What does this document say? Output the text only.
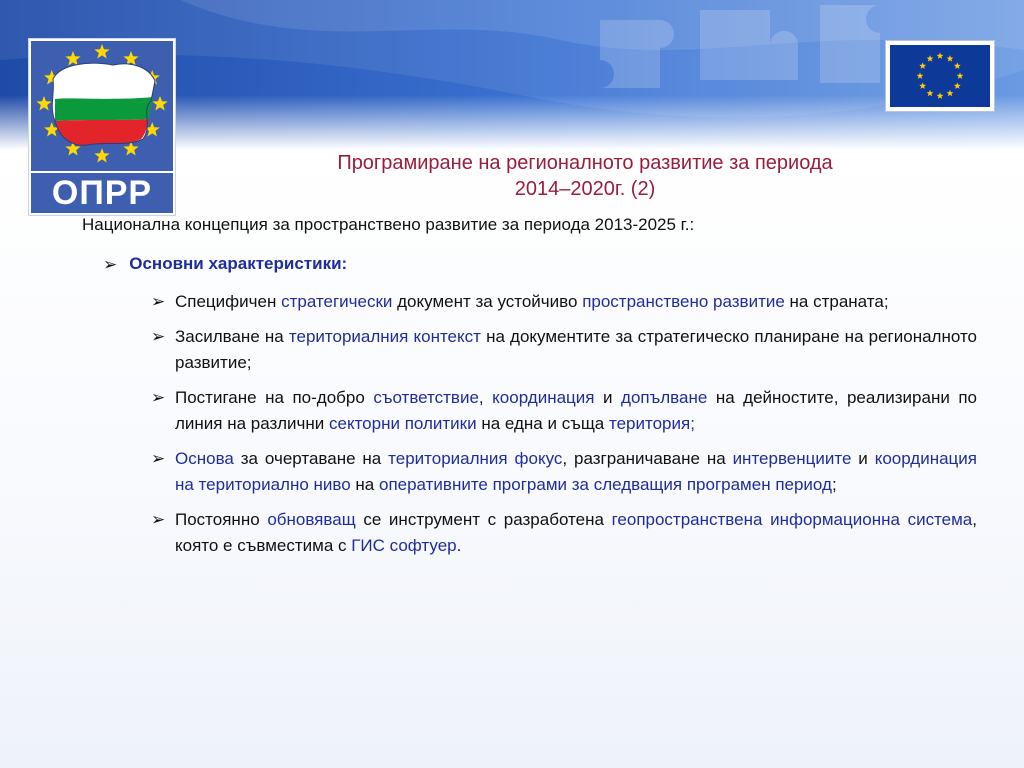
ОПРР
Програмиране на регионалното развитие за периода
2014–2020г. (2)

Национална концепция за пространствено развитие за периода 2013-2025 г.:

➢ Основни характеристики:
➢ Специфичен стратегически документ за устойчиво пространствено развитие на страната;
➢ Засилване на териториалния контекст на документите за стратегическо планиране на регионалното развитие;
➢ Постигане на по-добро съответствие, координация и допълване на дейностите, реализирани по линия на различни секторни политики на една и съща територия;
➢ Основа за очертаване на териториалния фокус, разграничаване на интервенциите и координация на териториално ниво на оперативните програми за следващия програмен период;
➢ Постоянно обновяващ се инструмент с разработена геопространствена информационна система, която е съвместима с ГИС софтуер.
